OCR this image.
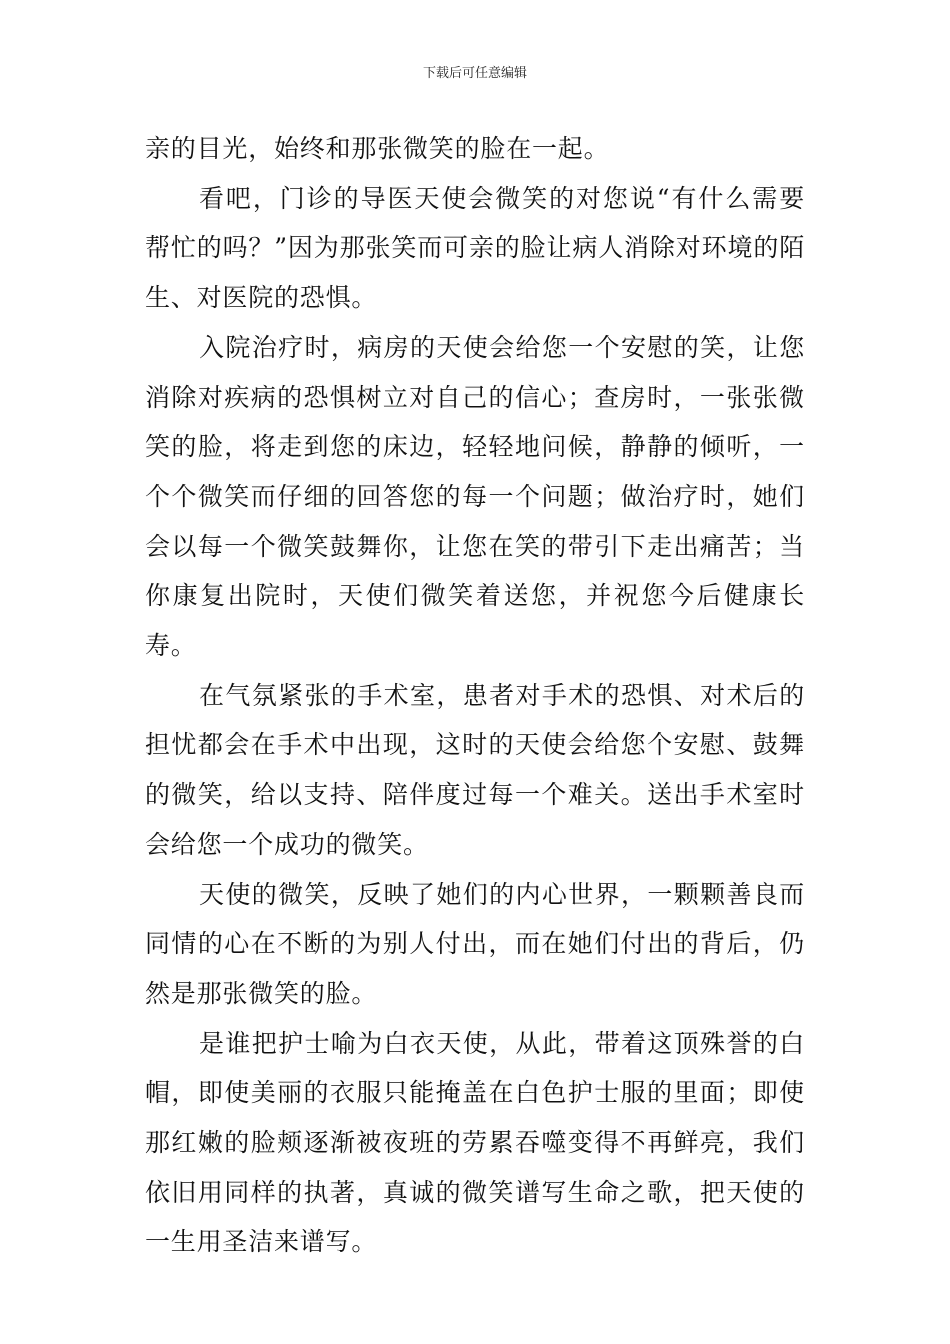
下载后可任意编辑

亲的目光，始终和那张微笑的脸在一起。

看吧，门诊的导医天使会微笑的对您说“有什么需要帮忙的吗？”因为那张笑而可亲的脸让病人消除对环境的陌生、对医院的恐惧。

入院治疗时，病房的天使会给您一个安慰的笑，让您消除对疾病的恐惧树立对自己的信心；查房时，一张张微笑的脸，将走到您的床边，轻轻地问候，静静的倾听，一个个微笑而仔细的回答您的每一个问题；做治疗时，她们会以每一个微笑鼓舞你，让您在笑的带引下走出痛苦；当你康复出院时，天使们微笑着送您，并祝您今后健康长寿。

在气氛紧张的手术室，患者对手术的恐惧、对术后的担忧都会在手术中出现，这时的天使会给您个安慰、鼓舞的微笑，给以支持、陪伴度过每一个难关。送出手术室时会给您一个成功的微笑。

天使的微笑，反映了她们的内心世界，一颗颗善良而同情的心在不断的为别人付出，而在她们付出的背后，仍然是那张微笑的脸。

是谁把护士喻为白衣天使，从此，带着这顶殊誉的白帽，即使美丽的衣服只能掩盖在白色护士服的里面；即使那红嫩的脸颊逐渐被夜班的劳累吞噬变得不再鲜亮，我们依旧用同样的执著，真诚的微笑谱写生命之歌，把天使的一生用圣洁来谱写。
